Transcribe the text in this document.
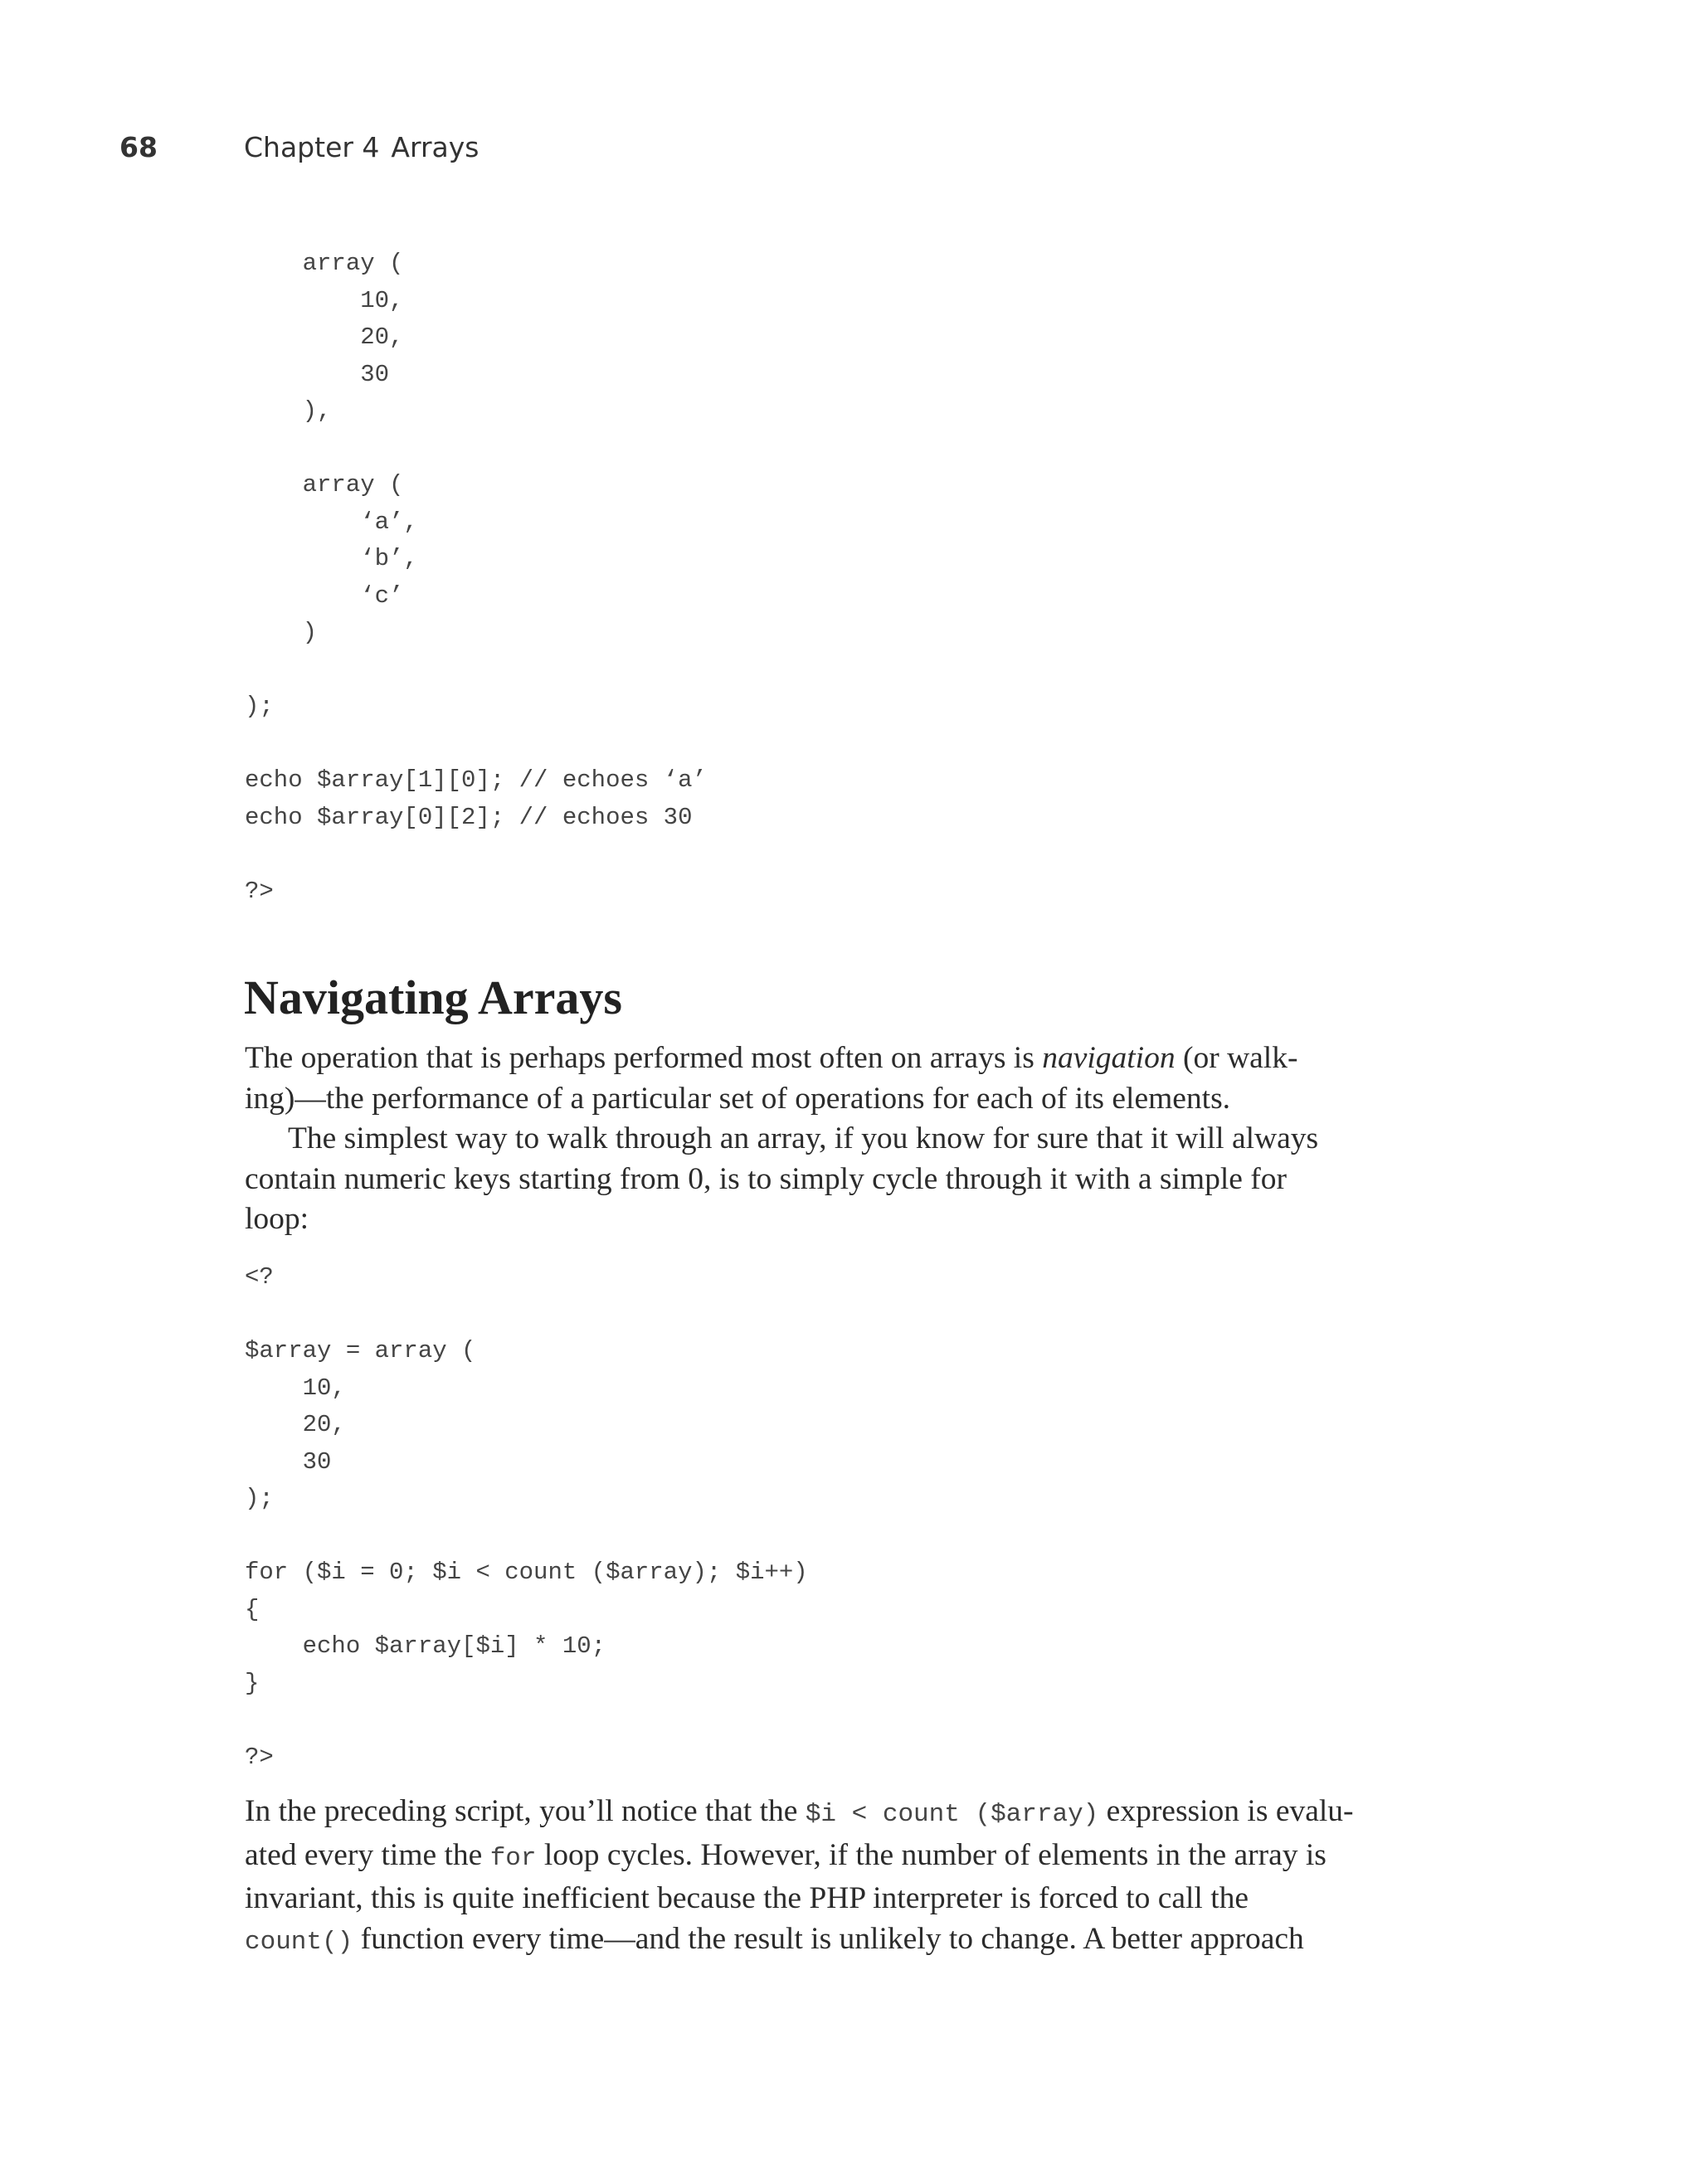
68	Chapter 4 Arrays
array (
10,
20,
30
),

array (
‘a’,
‘b’,
‘c’
)

);

echo $array[1][0]; // echoes ‘a’
echo $array[0][2]; // echoes 30

?>
Navigating Arrays
The operation that is perhaps performed most often on arrays is navigation (or walk-
ing)—the performance of a particular set of operations for each of its elements.
The simplest way to walk through an array, if you know for sure that it will always
contain numeric keys starting from 0, is to simply cycle through it with a simple for
loop:
<?

$array = array (
10,
20,
30
);

for ($i = 0; $i < count ($array); $i++)
{
echo $array[$i] * 10;
}

?>
In the preceding script, you’ll notice that the $i < count ($array) expression is evalu-
ated every time the for loop cycles. However, if the number of elements in the array is
invariant, this is quite inefficient because the PHP interpreter is forced to call the
count() function every time—and the result is unlikely to change. A better approach
